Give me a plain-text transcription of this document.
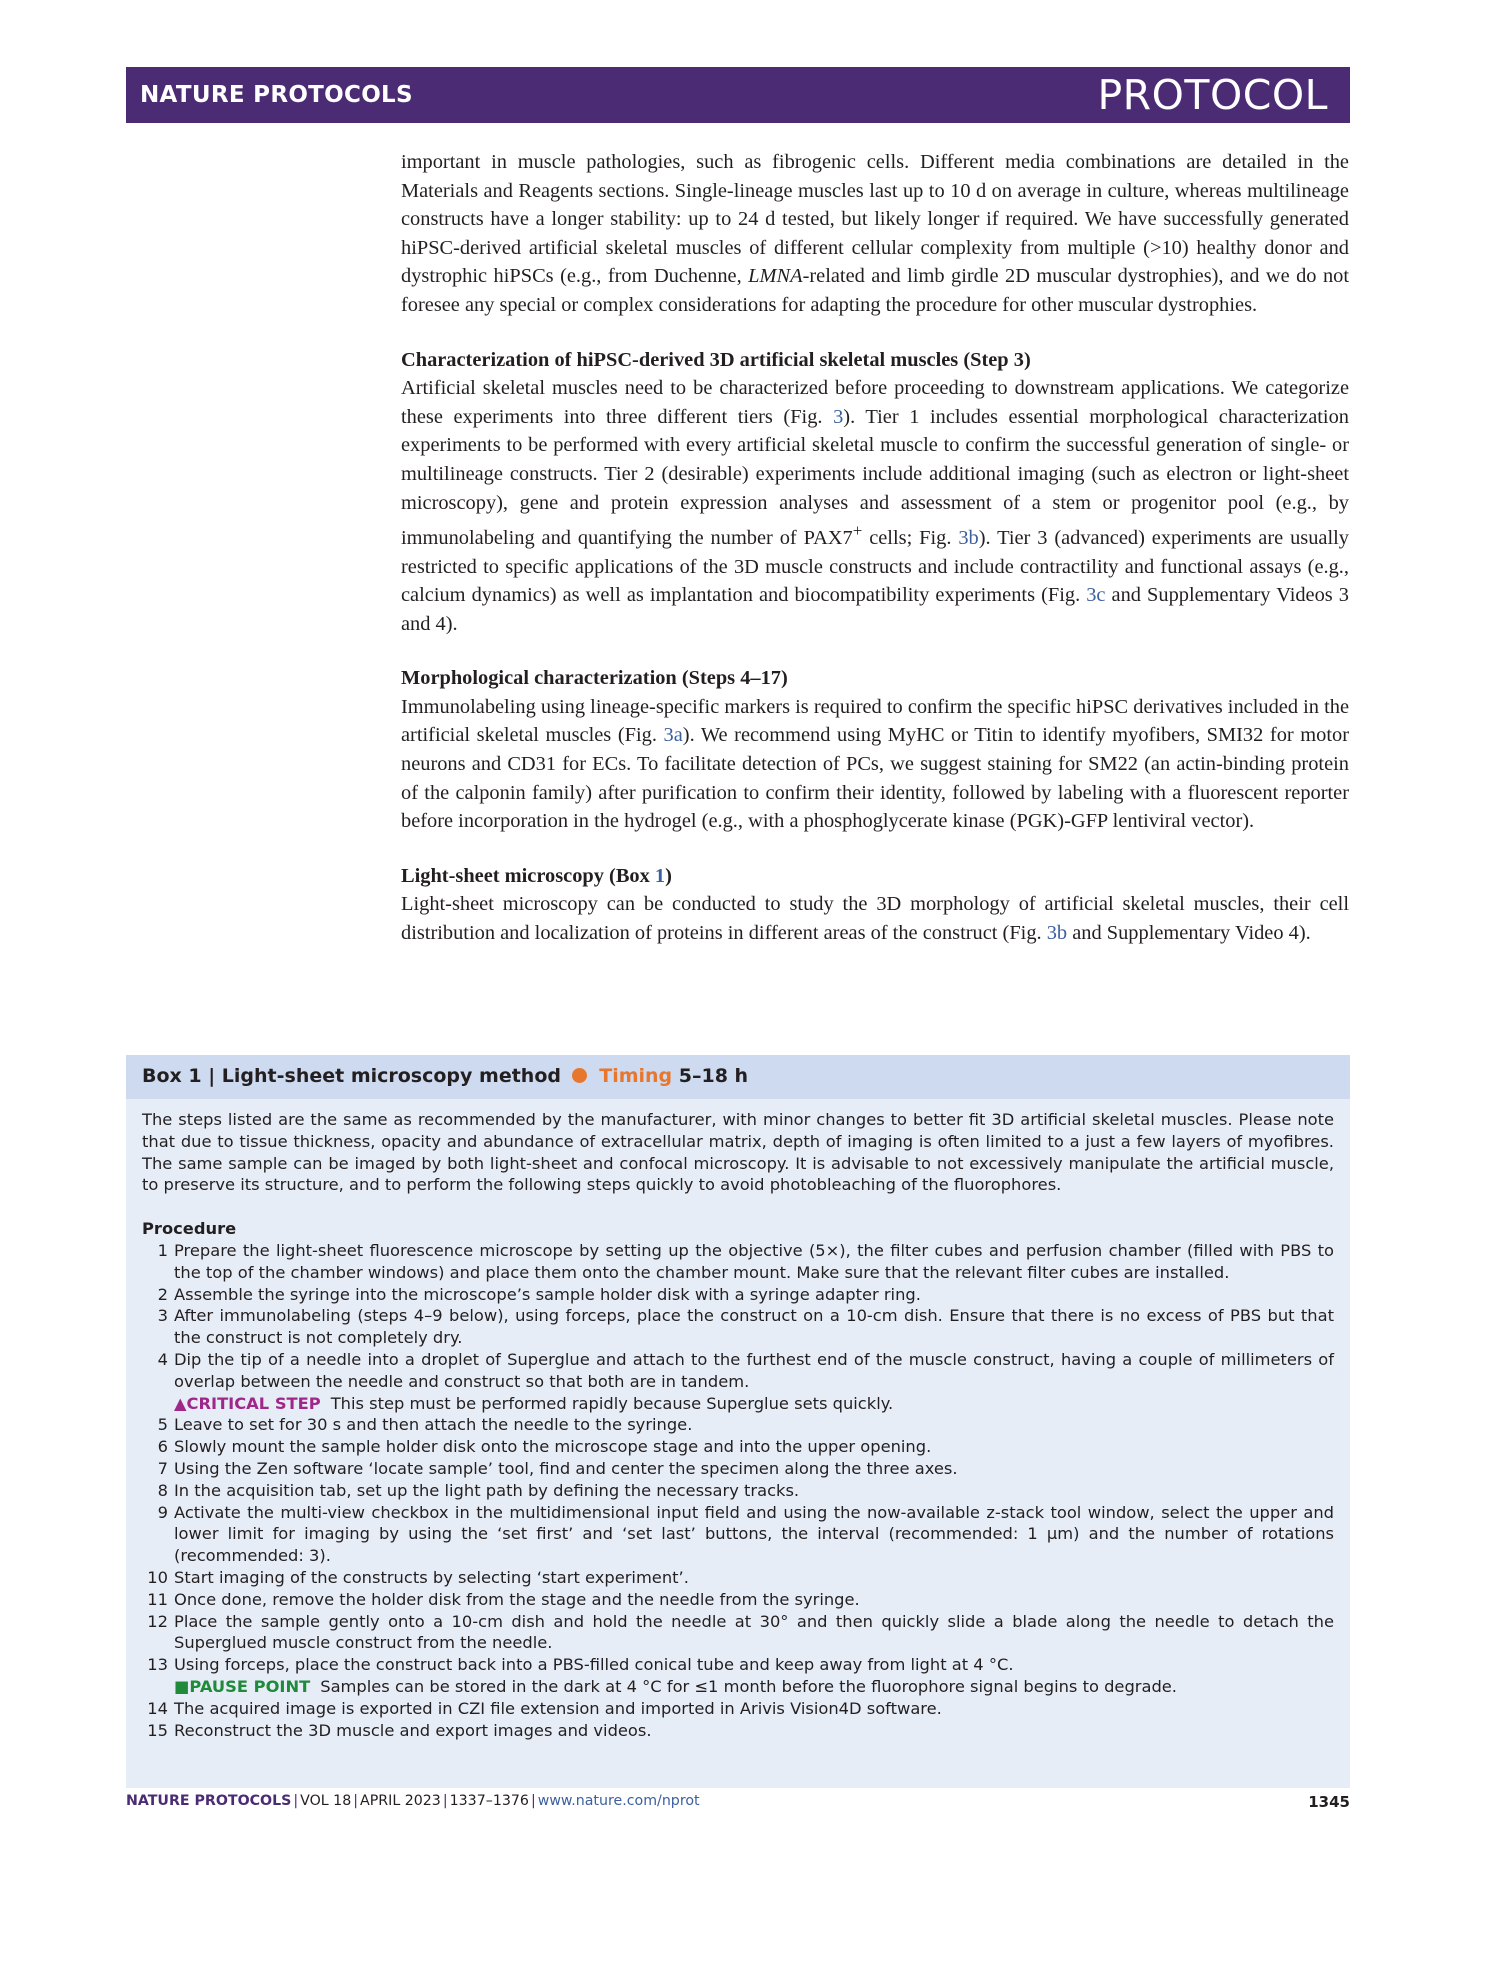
NATURE PROTOCOLS	PROTOCOL

important in muscle pathologies, such as fibrogenic cells. Different media combinations are detailed in the Materials and Reagents sections. Single-lineage muscles last up to 10 d on average in culture, whereas multilineage constructs have a longer stability: up to 24 d tested, but likely longer if required. We have successfully generated hiPSC-derived artificial skeletal muscles of different cellular complexity from multiple (>10) healthy donor and dystrophic hiPSCs (e.g., from Duchenne, LMNA-related and limb girdle 2D muscular dystrophies), and we do not foresee any special or complex considerations for adapting the procedure for other muscular dystrophies.

Characterization of hiPSC-derived 3D artificial skeletal muscles (Step 3)

Artificial skeletal muscles need to be characterized before proceeding to downstream applications. We categorize these experiments into three different tiers (Fig. 3). Tier 1 includes essential morphological characterization experiments to be performed with every artificial skeletal muscle to confirm the successful generation of single- or multilineage constructs. Tier 2 (desirable) experiments include additional imaging (such as electron or light-sheet microscopy), gene and protein expression analyses and assessment of a stem or progenitor pool (e.g., by immunolabeling and quantifying the number of PAX7+ cells; Fig. 3b). Tier 3 (advanced) experiments are usually restricted to specific applications of the 3D muscle constructs and include contractility and functional assays (e.g., calcium dynamics) as well as implantation and biocompatibility experiments (Fig. 3c and Supplementary Videos 3 and 4).

Morphological characterization (Steps 4–17)

Immunolabeling using lineage-specific markers is required to confirm the specific hiPSC derivatives included in the artificial skeletal muscles (Fig. 3a). We recommend using MyHC or Titin to identify myofibers, SMI32 for motor neurons and CD31 for ECs. To facilitate detection of PCs, we suggest staining for SM22 (an actin-binding protein of the calponin family) after purification to confirm their identity, followed by labeling with a fluorescent reporter before incorporation in the hydrogel (e.g., with a phosphoglycerate kinase (PGK)-GFP lentiviral vector).

Light-sheet microscopy (Box 1)

Light-sheet microscopy can be conducted to study the 3D morphology of artificial skeletal muscles, their cell distribution and localization of proteins in different areas of the construct (Fig. 3b and Supplementary Video 4).

Box 1 | Light-sheet microscopy method Timing 5–18 h

The steps listed are the same as recommended by the manufacturer, with minor changes to better fit 3D artificial skeletal muscles. Please note that due to tissue thickness, opacity and abundance of extracellular matrix, depth of imaging is often limited to a just a few layers of myofibres. The same sample can be imaged by both light-sheet and confocal microscopy. It is advisable to not excessively manipulate the artificial muscle, to preserve its structure, and to perform the following steps quickly to avoid photobleaching of the fluorophores.

Procedure
1 Prepare the light-sheet fluorescence microscope by setting up the objective (5×), the filter cubes and perfusion chamber (filled with PBS to the top of the chamber windows) and place them onto the chamber mount. Make sure that the relevant filter cubes are installed.
2 Assemble the syringe into the microscope’s sample holder disk with a syringe adapter ring.
3 After immunolabeling (steps 4–9 below), using forceps, place the construct on a 10-cm dish. Ensure that there is no excess of PBS but that the construct is not completely dry.
4 Dip the tip of a needle into a droplet of Superglue and attach to the furthest end of the muscle construct, having a couple of millimeters of overlap between the needle and construct so that both are in tandem.
▲CRITICAL STEP This step must be performed rapidly because Superglue sets quickly.
5 Leave to set for 30 s and then attach the needle to the syringe.
6 Slowly mount the sample holder disk onto the microscope stage and into the upper opening.
7 Using the Zen software ‘locate sample’ tool, find and center the specimen along the three axes.
8 In the acquisition tab, set up the light path by defining the necessary tracks.
9 Activate the multi-view checkbox in the multidimensional input field and using the now-available z-stack tool window, select the upper and lower limit for imaging by using the ‘set first’ and ‘set last’ buttons, the interval (recommended: 1 µm) and the number of rotations (recommended: 3).
10 Start imaging of the constructs by selecting ‘start experiment’.
11 Once done, remove the holder disk from the stage and the needle from the syringe.
12 Place the sample gently onto a 10-cm dish and hold the needle at 30° and then quickly slide a blade along the needle to detach the Superglued muscle construct from the needle.
13 Using forceps, place the construct back into a PBS-filled conical tube and keep away from light at 4 °C.
■PAUSE POINT Samples can be stored in the dark at 4 °C for ≤1 month before the fluorophore signal begins to degrade.
14 The acquired image is exported in CZI file extension and imported in Arivis Vision4D software.
15 Reconstruct the 3D muscle and export images and videos.
NATURE PROTOCOLS | VOL 18 | APRIL 2023 | 1337–1376 | www.nature.com/nprot	1345
